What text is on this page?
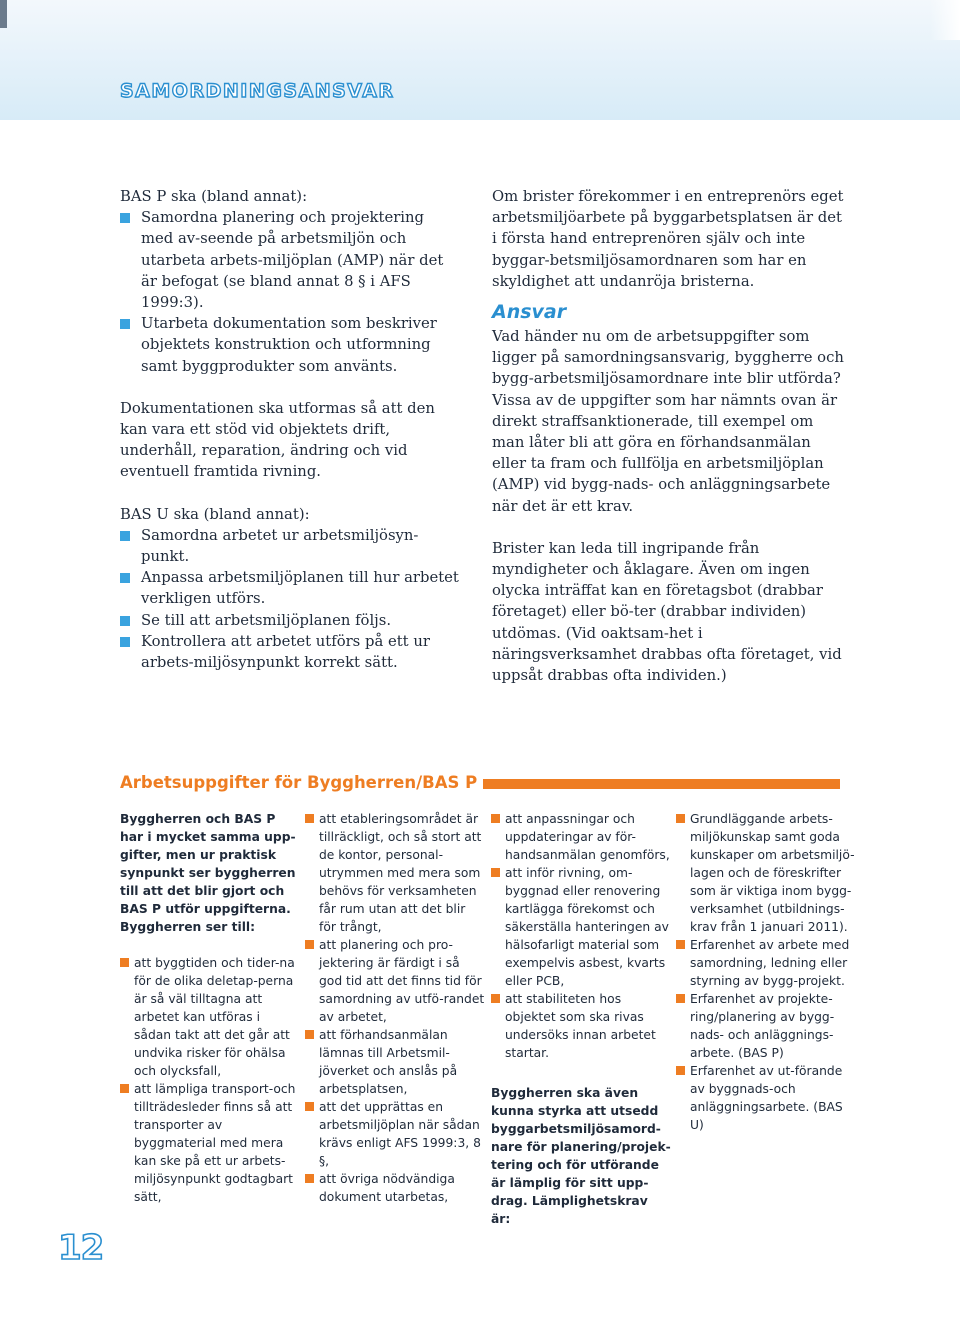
SAMORDNINGSANSVAR

BAS P ska (bland annat):

Samordna planering och projektering med av-seende på arbetsmiljön och utarbeta arbets-miljöplan (AMP) när det är befogat (se bland annat 8 § i AFS 1999:3).
Utarbeta dokumentation som beskriver objektets konstruktion och utformning samt byggprodukter som använts.

Dokumentationen ska utformas så att den kan vara ett stöd vid objektets drift, underhåll, reparation, ändring och vid eventuell framtida rivning.

BAS U ska (bland annat):

Samordna arbetet ur arbetsmiljösyn-punkt.
Anpassa arbetsmiljöplanen till hur arbetet verkligen utförs.
Se till att arbetsmiljöplanen följs.
Kontrollera att arbetet utförs på ett ur arbets-miljösynpunkt korrekt sätt.

Om brister förekommer i en entreprenörs eget arbetsmiljöarbete på byggarbetsplatsen är det i första hand entreprenören själv och inte byggar-betsmiljösamordnaren som har en skyldighet att undanröja bristerna.

Ansvar

Vad händer nu om de arbetsuppgifter som ligger på samordningsansvarig, byggherre och bygg-arbetsmiljösamordnare inte blir utförda? Vissa av de uppgifter som har nämnts ovan är direkt straffsanktionerade, till exempel om man låter bli att göra en förhandsanmälan eller ta fram och fullfölja en arbetsmiljöplan (AMP) vid bygg-nads- och anläggningsarbete när det är ett krav.

Brister kan leda till ingripande från myndigheter och åklagare. Även om ingen olycka inträffat kan en företagsbot (drabbar företaget) eller bö-ter (drabbar individen) utdömas. (Vid oaktsam-het i näringsverksamhet drabbas ofta företaget, vid uppsåt drabbas ofta individen.)

Arbetsuppgifter för Byggherren/BAS P

Byggherren och BAS P har i mycket samma upp-gifter, men ur praktisk synpunkt ser byggherren till att det blir gjort och BAS P utför uppgifterna.

Byggherren ser till:

att byggtiden och tider-na för de olika deletap-perna är så väl tilltagna att arbetet kan utföras i sådan takt att det går att undvika risker för ohälsa och olycksfall,
att lämpliga transport-och tillträdesleder finns så att transporter av byggmaterial med mera kan ske på ett ur arbets-miljösynpunkt godtagbart sätt,
att etableringsområdet är tillräckligt, och så stort att de kontor, personal-utrymmen med mera som behövs för verksamheten får rum utan att det blir för trångt,
att planering och pro-jektering är färdigt i så god tid att det finns tid för samordning av utfö-randet av arbetet,
att förhandsanmälan lämnas till Arbetsmil-jöverket och anslås på arbetsplatsen,
att det upprättas en arbetsmiljöplan när sådan krävs enligt AFS 1999:3, 8 §,
att övriga nödvändiga dokument utarbetas,
att anpassningar och uppdateringar av för-handsanmälan genomförs,
att inför rivning, om-byggnad eller renovering kartlägga förekomst och säkerställa hanteringen av hälsofarligt material som exempelvis asbest, kvarts eller PCB,
att stabiliteten hos objektet som ska rivas undersöks innan arbetet startar.

Byggherren ska även kunna styrka att utsedd byggarbetsmiljösamord-nare för planering/projek-tering och för utförande är lämplig för sitt upp-drag. Lämplighetskrav är:

Grundläggande arbets-miljökunskap samt goda kunskaper om arbetsmiljö-lagen och de föreskrifter som är viktiga inom bygg-verksamhet (utbildnings-krav från 1 januari 2011).
Erfarenhet av arbete med samordning, ledning eller styrning av bygg-projekt.
Erfarenhet av projekte-ring/planering av bygg-nads- och anläggnings-arbete. (BAS P)
Erfarenhet av ut-förande av byggnads-och anläggningsarbete. (BAS U)
12
